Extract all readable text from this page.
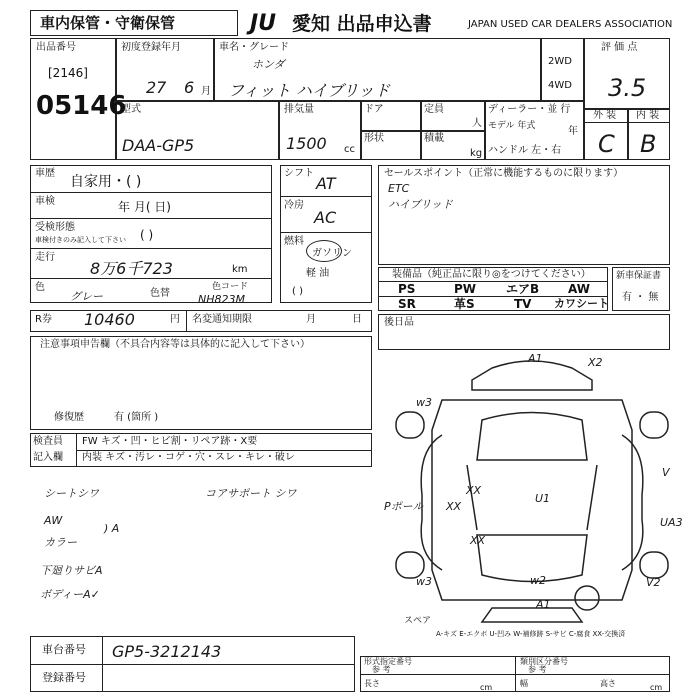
車内保管・守衛保管	JU 愛知 出品申込書	JAPAN USED CAR DEALERS ASSOCIATION
出品番号
[2146]
05146
初度登録年月
27 6 月
車名・グレード
ホンダ
フィット ハイブリッド
2WD
4WD
評 価 点
3.5
外 装 内 装
C B
型式
DAA-GP5
排気量
1500 cc
ドア
形状
定員
人
積載
kg
ディーラー・並 行
モデル 年式	年
ハンドル 左・右
車歴
自家用・( )
車検	年 月( 日)
受検形態
車検付きのみ記入して下さい ( )
走行
8万6千723	km
色
グレー	色替
色コード
NH823M
シフト
AT
冷房
AC
燃料
ガソリン
軽 油
( )
セールスポイント（正常に機能するものに限ります）
ETC
ハイブリッド
装備品（純正品に限り◎をつけてください）
PS	PW エアB AW
SR	革S	TV カワシート
新車保証書
有 ・ 無
R券 10460	円 名変通知期限	月	日 後日品
注意事項申告欄（不具合内容等は具体的に記入して下さい）
修復歴	有 (箇所 )
検査員
記入欄
FW キズ・凹・ヒビ割・リペア跡・X要
内装 キズ・汚レ・コゲ・穴・スレ・キレ・破レ
シートシワ	コアサポート シワ
AW
) A
カラー
下廻りサビA
ボディーA✓
A1	X2
w3
U1
XX
Pポール XX
XX
V
UA3
w3	w2
A1
V2
スペア
A-キズ E-エクボ U-凹み W-補修跡 S-サビ C-腐食 XX-交換済
車台番号 GP5-3212143
登録番号
形式指定番号
参 考
類別区分番号
参 考
長さ	cm	幅	高さ	cm
